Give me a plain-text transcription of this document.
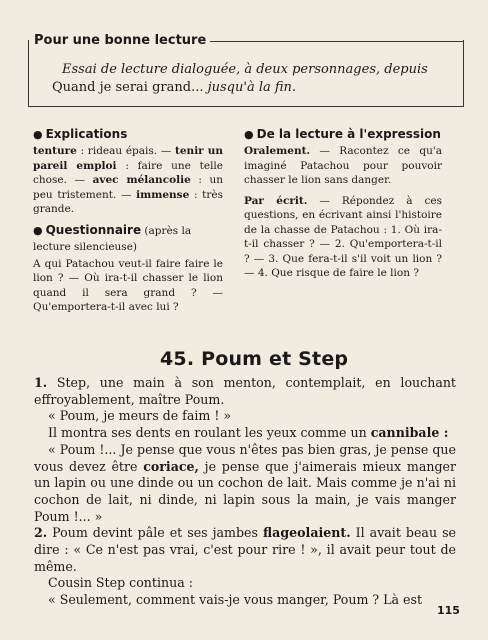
Pour une bonne lecture
Essai de lecture dialoguée, à deux personnages, depuis
Quand je serai grand... jusqu'à la fin.
● Explications

tenture : rideau épais. — tenir un pareil emploi : faire une telle chose. — avec mélancolie : un peu tristement. — immense : très grande.

● Questionnaire (après la lecture silencieuse)

A qui Patachou veut-il faire faire le lion ? — Où ira-t-il chasser le lion quand il sera grand ? — Qu'emportera-t-il avec lui ?

● De la lecture à l'expression

Oralement. — Racontez ce qu'a imaginé Patachou pour pouvoir chasser le lion sans danger.

Par écrit. — Répondez à ces questions, en écrivant ainsi l'histoire de la chasse de Patachou : 1. Où ira-t-il chasser ? — 2. Qu'emportera-t-il ? — 3. Que fera-t-il s'il voit un lion ? — 4. Que risque de faire le lion ?

45. Poum et Step

1. Step, une main à son menton, contemplait, en louchant effroyablement, maître Poum.

« Poum, je meurs de faim ! »

Il montra ses dents en roulant les yeux comme un cannibale :

« Poum !... Je pense que vous n'êtes pas bien gras, je pense que vous devez être coriace, je pense que j'aimerais mieux manger un lapin ou une dinde ou un cochon de lait. Mais comme je n'ai ni cochon de lait, ni dinde, ni lapin sous la main, je vais manger Poum !... »

2. Poum devint pâle et ses jambes flageolaient. Il avait beau se dire : « Ce n'est pas vrai, c'est pour rire ! », il avait peur tout de même.

Cousin Step continua :

« Seulement, comment vais-je vous manger, Poum ? Là est

115
